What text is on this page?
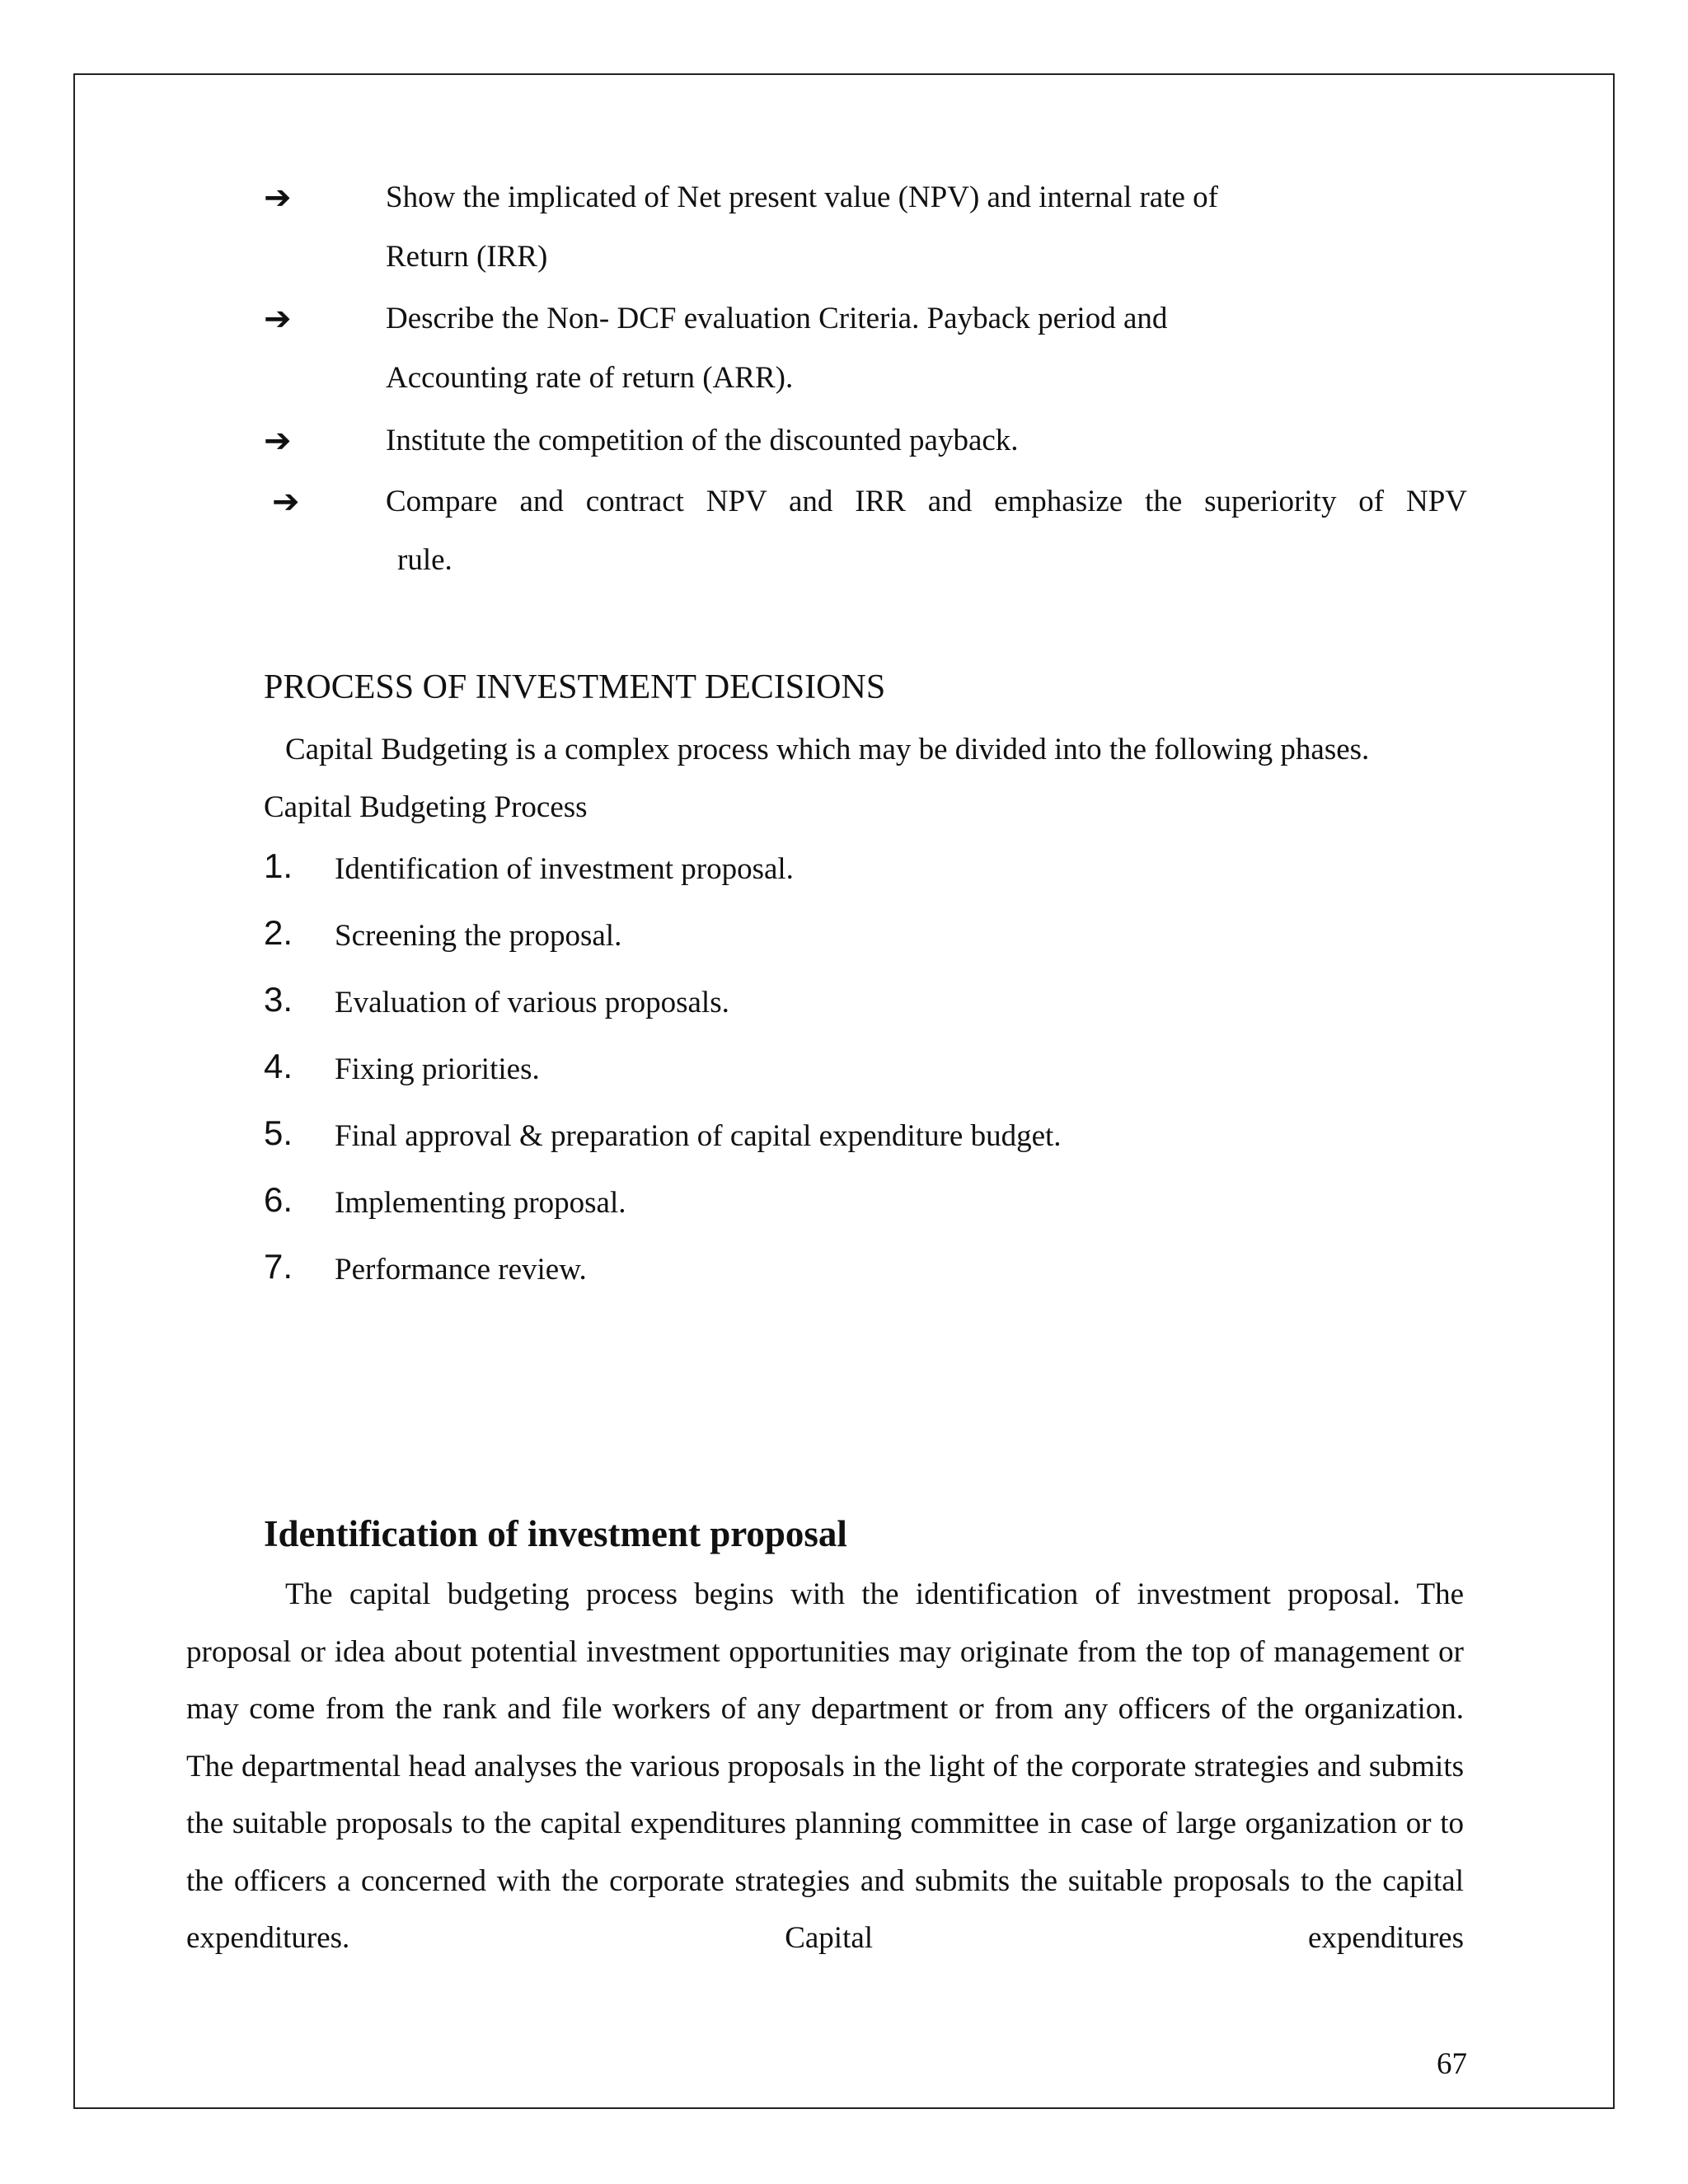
➔	Show the implicated of Net present value (NPV) and internal rate of
Return (IRR)
➔	Describe the Non- DCF evaluation Criteria. Payback period and
Accounting rate of return (ARR).
➔	Institute the competition of the discounted payback.
➔	Compare and contract NPV and IRR and emphasize the superiority of NPV
rule.
PROCESS OF INVESTMENT DECISIONS
Capital Budgeting is a complex process which may be divided into the following phases.
Capital Budgeting Process
1. Identification of investment proposal.
2. Screening the proposal.
3. Evaluation of various proposals.
4. Fixing priorities.
5. Final approval & preparation of capital expenditure budget.
6. Implementing proposal.
7. Performance review.
Identification of investment proposal
The capital budgeting process begins with the identification of investment proposal. The proposal or idea about potential investment opportunities may originate from the top of management or may come from the rank and file workers of any department or from any officers of the organization. The departmental head analyses the various proposals in the light of the corporate strategies and submits the suitable proposals to the capital expenditures planning committee in case of large organization or to the officers a concerned with the corporate strategies and submits the suitable proposals to the capital expenditures. Capital expenditures
67
